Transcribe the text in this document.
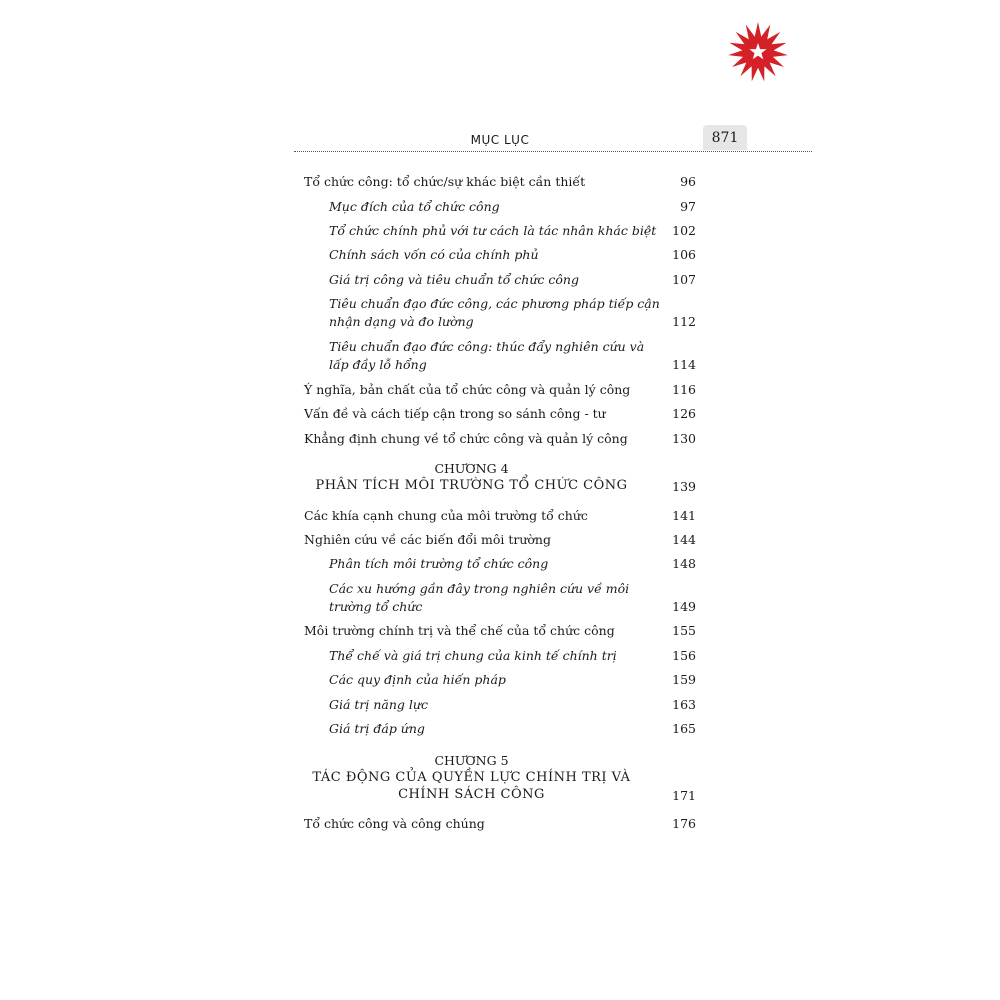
MỤC LỤC	871
Tổ chức công: tổ chức/sự khác biệt cần thiết	96
Mục đích của tổ chức công	97
Tổ chức chính phủ với tư cách là tác nhân khác biệt 102
Chính sách vốn có của chính phủ	106
Giá trị công và tiêu chuẩn tổ chức công	107
Tiêu chuẩn đạo đức công, các phương pháp tiếp cận
nhận dạng và đo lường	112
Tiêu chuẩn đạo đức công: thúc đẩy nghiên cứu và
lấp đầy lỗ hổng	114
Ý nghĩa, bản chất của tổ chức công và quản lý công	116
Vấn đề và cách tiếp cận trong so sánh công - tư	126
Khẳng định chung về tổ chức công và quản lý công	130
CHƯƠNG 4
PHÂN TÍCH MÔI TRƯỜNG TỔ CHỨC CÔNG	139
Các khía cạnh chung của môi trường tổ chức	141
Nghiên cứu về các biến đổi môi trường	144
Phân tích môi trường tổ chức công	148
Các xu hướng gần đây trong nghiên cứu về môi
trường tổ chức	149
Môi trường chính trị và thể chế của tổ chức công	155
Thể chế và giá trị chung của kinh tế chính trị	156
Các quy định của hiến pháp	159
Giá trị năng lực	163
Giá trị đáp ứng	165
CHƯƠNG 5
TÁC ĐỘNG CỦA QUYỀN LỰC CHÍNH TRỊ VÀ
CHÍNH SÁCH CÔNG	171
Tổ chức công và công chúng	176
